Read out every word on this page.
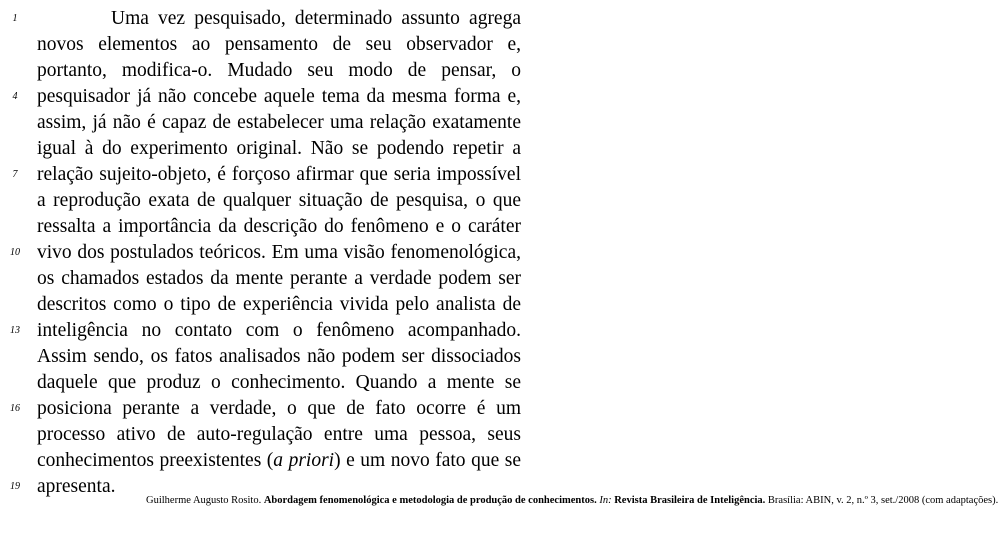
1	Uma vez pesquisado, determinado assunto agrega
novos elementos ao pensamento de seu observador e,
portanto, modifica-o. Mudado seu modo de pensar, o
4	pesquisador já não concebe aquele tema da mesma forma e,
assim, já não é capaz de estabelecer uma relação exatamente
igual à do experimento original. Não se podendo repetir a
7	relação sujeito-objeto, é forçoso afirmar que seria impossível
a reprodução exata de qualquer situação de pesquisa, o que
ressalta a importância da descrição do fenômeno e o caráter
10 vivo dos postulados teóricos. Em uma visão fenomenológica,
os chamados estados da mente perante a verdade podem ser
descritos como o tipo de experiência vivida pelo analista de
13 inteligência no contato com o fenômeno acompanhado.
Assim sendo, os fatos analisados não podem ser dissociados
daquele que produz o conhecimento. Quando a mente se
16 posiciona perante a verdade, o que de fato ocorre é um
processo ativo de auto-regulação entre uma pessoa, seus
conhecimentos preexistentes (a priori) e um novo fato que se
19 apresenta.
Guilherme Augusto Rosito. Abordagem fenomenológica e metodologia de produção de conhecimentos. In: Revista Brasileira de Inteligência. Brasília: ABIN, v. 2, n.º 3, set./2008 (com adaptações).
